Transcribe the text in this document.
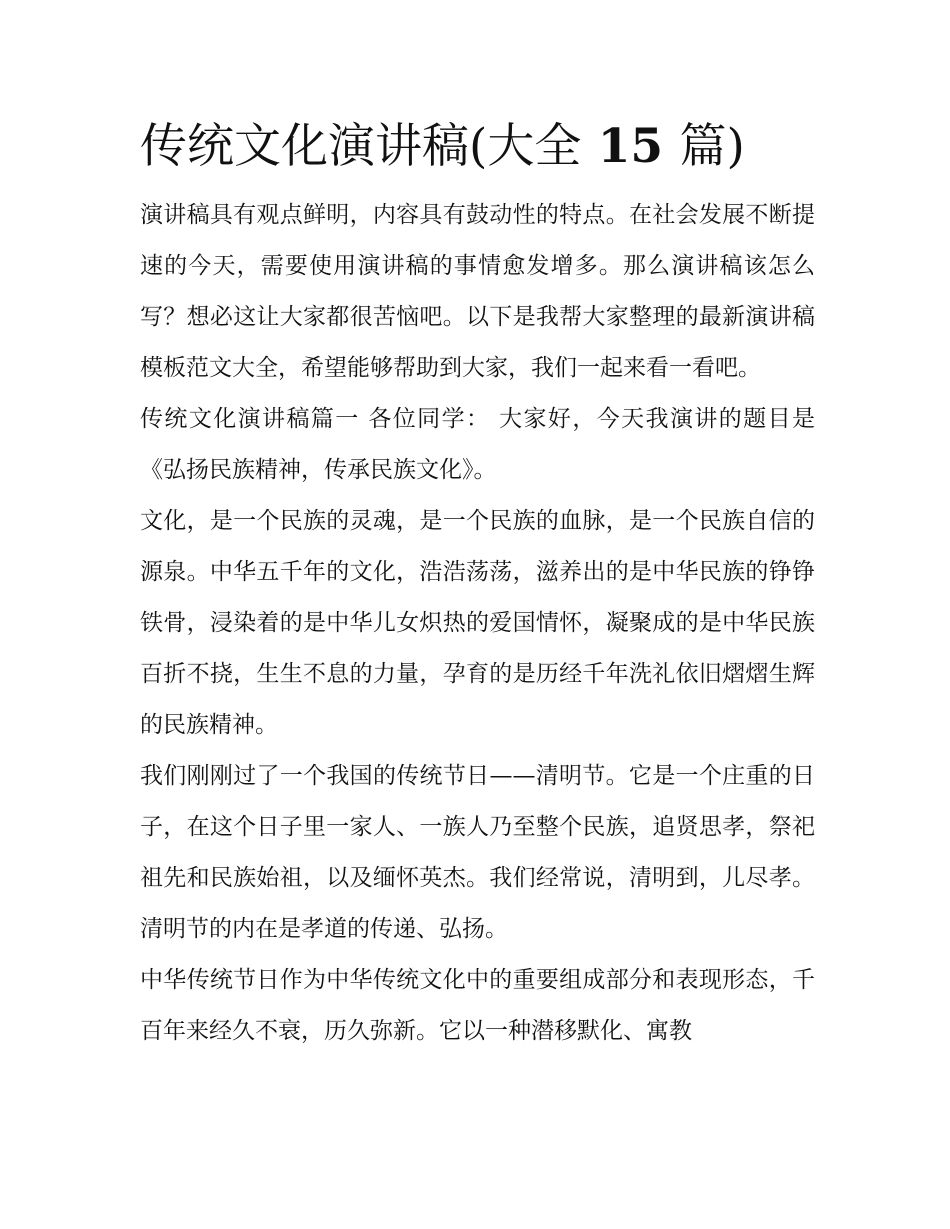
传统文化演讲稿(大全 15 篇)

演讲稿具有观点鲜明，内容具有鼓动性的特点。在社会发展不断提速的今天，需要使用演讲稿的事情愈发增多。那么演讲稿该怎么写？想必这让大家都很苦恼吧。以下是我帮大家整理的最新演讲稿模板范文大全，希望能够帮助到大家，我们一起来看一看吧。

传统文化演讲稿篇一 各位同学： 大家好，今天我演讲的题目是《弘扬民族精神，传承民族文化》。

文化，是一个民族的灵魂，是一个民族的血脉，是一个民族自信的源泉。中华五千年的文化，浩浩荡荡，滋养出的是中华民族的铮铮铁骨，浸染着的是中华儿女炽热的爱国情怀，凝聚成的是中华民族百折不挠，生生不息的力量，孕育的是历经千年洗礼依旧熠熠生辉的民族精神。

我们刚刚过了一个我国的传统节日——清明节。它是一个庄重的日子，在这个日子里一家人、一族人乃至整个民族，追贤思孝，祭祀祖先和民族始祖，以及缅怀英杰。我们经常说，清明到，儿尽孝。清明节的内在是孝道的传递、弘扬。

中华传统节日作为中华传统文化中的重要组成部分和表现形态，千百年来经久不衰，历久弥新。它以一种潜移默化、寓教
